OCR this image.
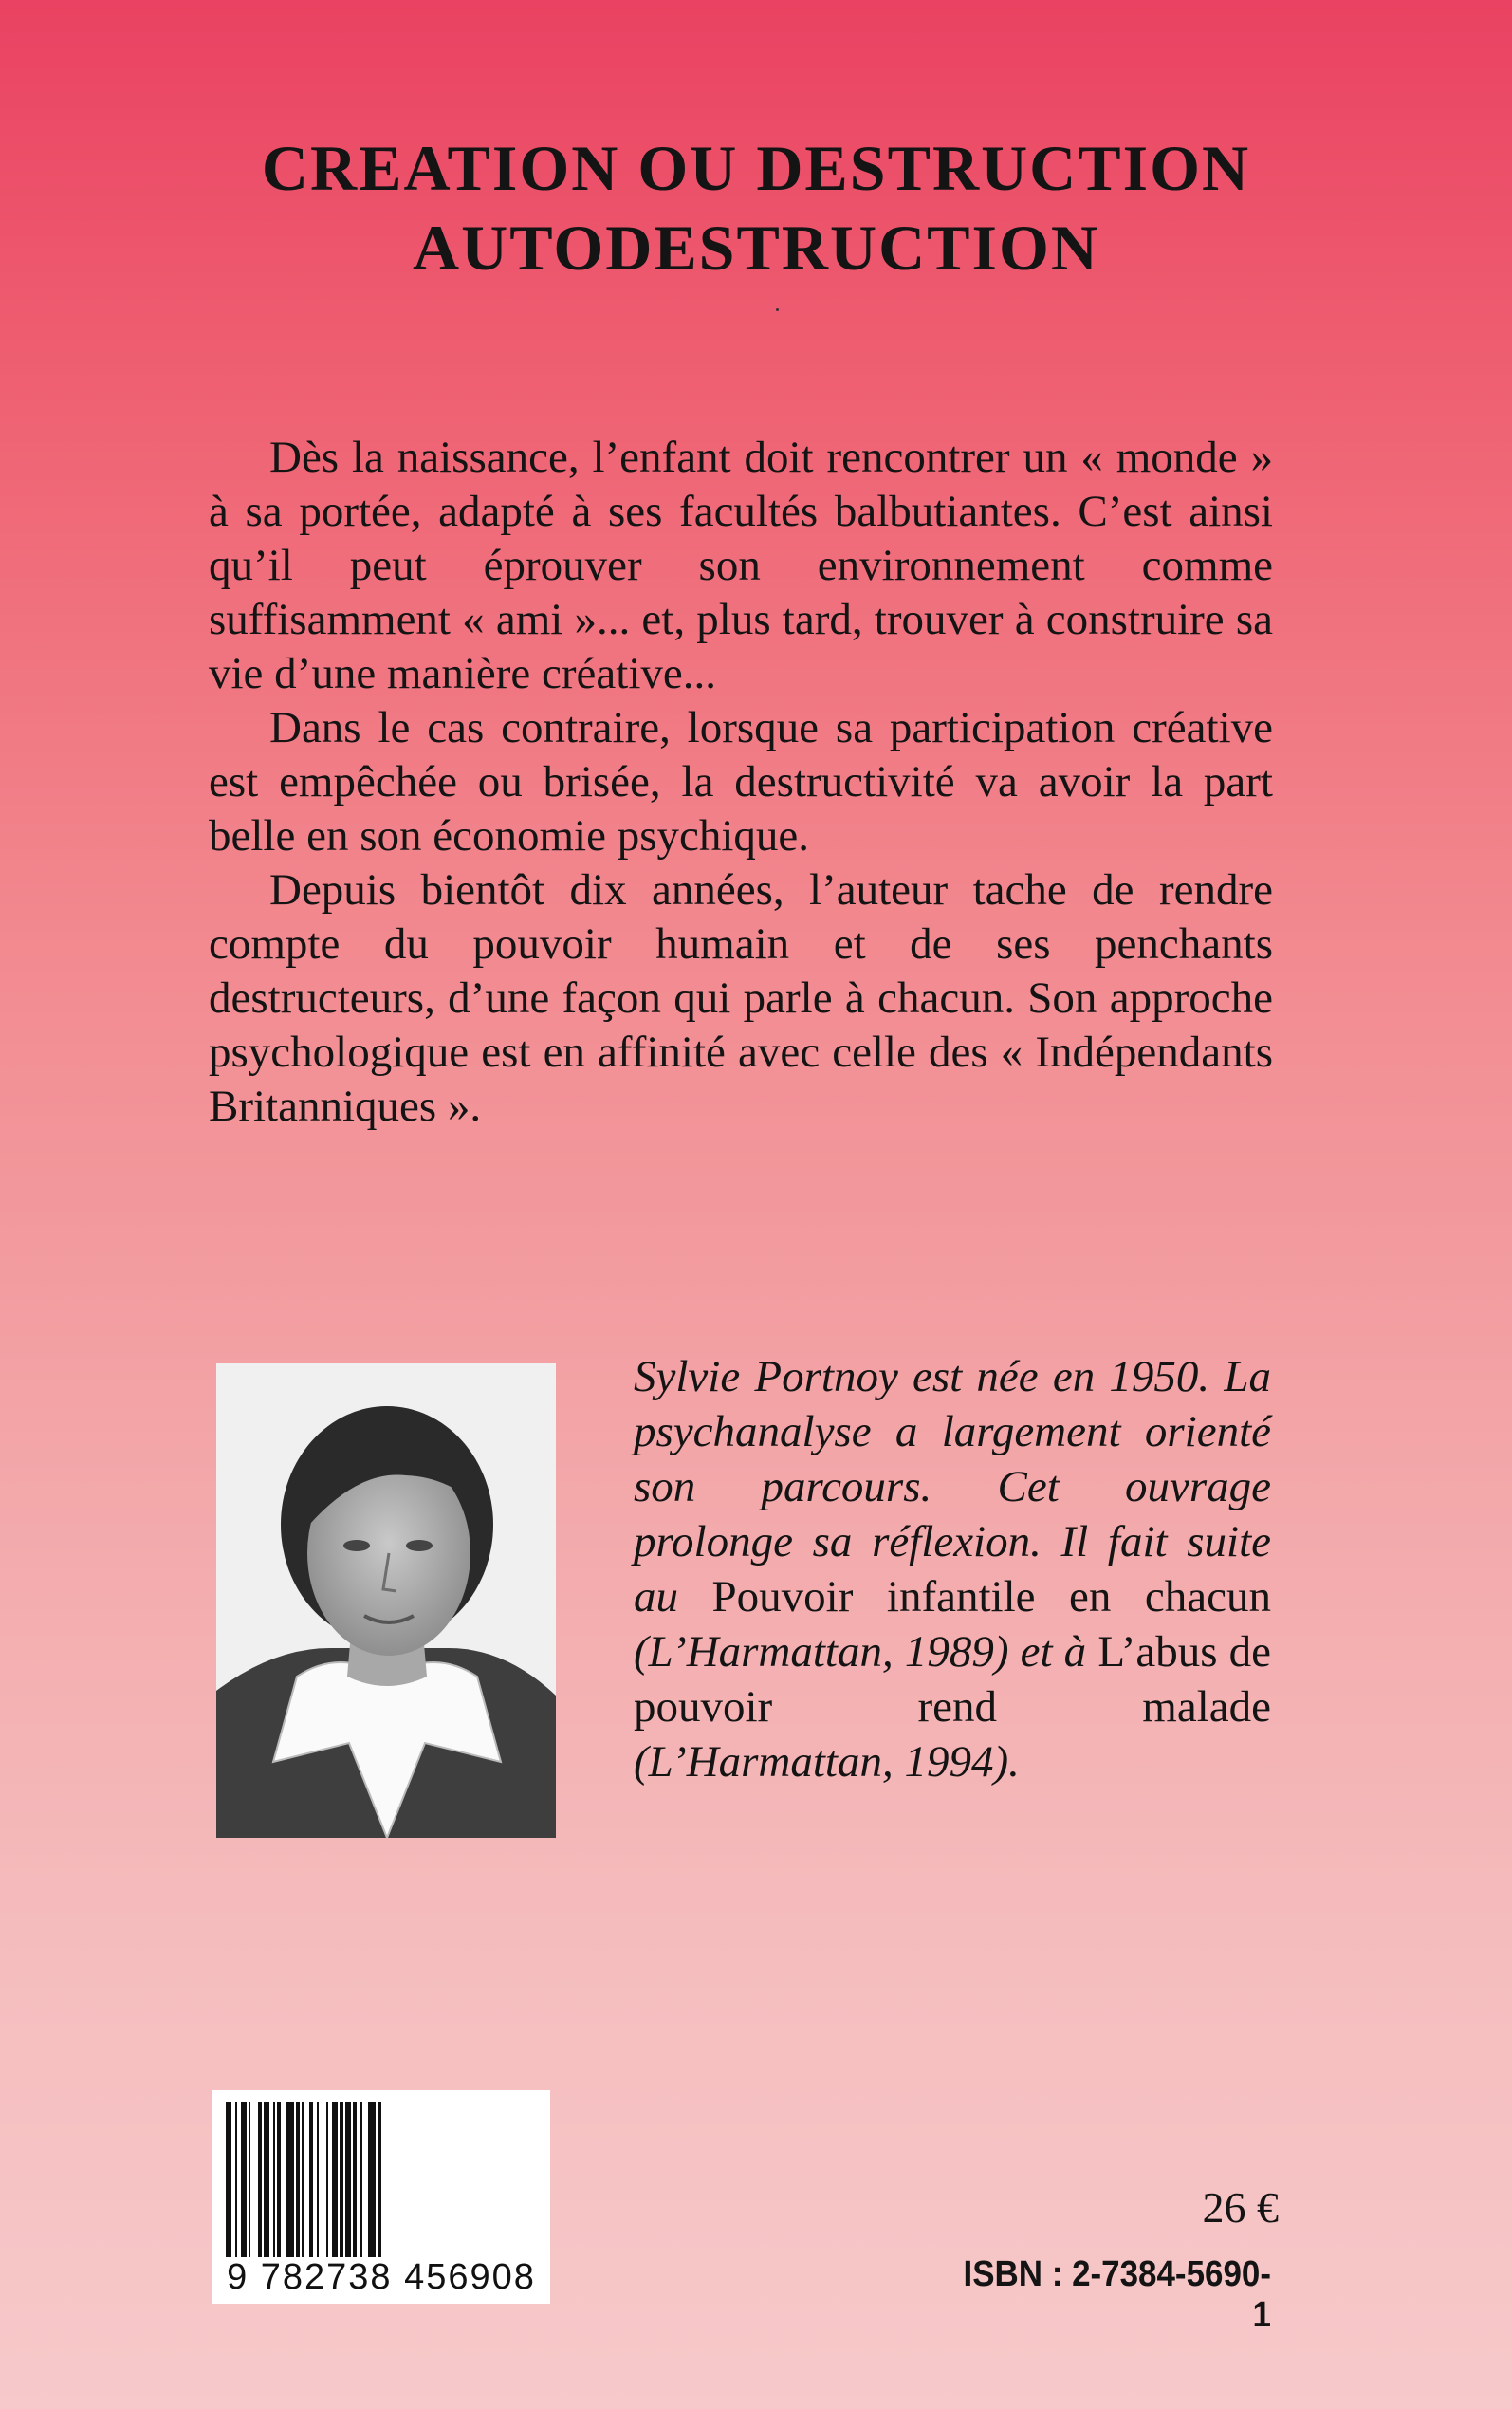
CREATION OU DESTRUCTION
AUTODESTRUCTION

Dès la naissance, l’enfant doit rencontrer un « monde » à sa portée, adapté à ses facultés balbutiantes. C’est ainsi qu’il peut éprouver son environnement comme suffisamment « ami »... et, plus tard, trouver à construire sa vie d’une manière créative...

Dans le cas contraire, lorsque sa participation créative est empêchée ou brisée, la destructivité va avoir la part belle en son économie psychique.

Depuis bientôt dix années, l’auteur tache de rendre compte du pouvoir humain et de ses penchants destructeurs, d’une façon qui parle à chacun. Son approche psychologique est en affinité avec celle des « Indépendants Britanniques ».

Sylvie Portnoy est née en 1950. La psychanalyse a largement orienté son parcours. Cet ouvrage prolonge sa réflexion. Il fait suite au Pouvoir infantile en chacun (L’Harmattan, 1989) et à L’abus de pouvoir rend malade (L’Harmattan, 1994).
9 782738 456908
26 €
ISBN : 2-7384-5690-1
